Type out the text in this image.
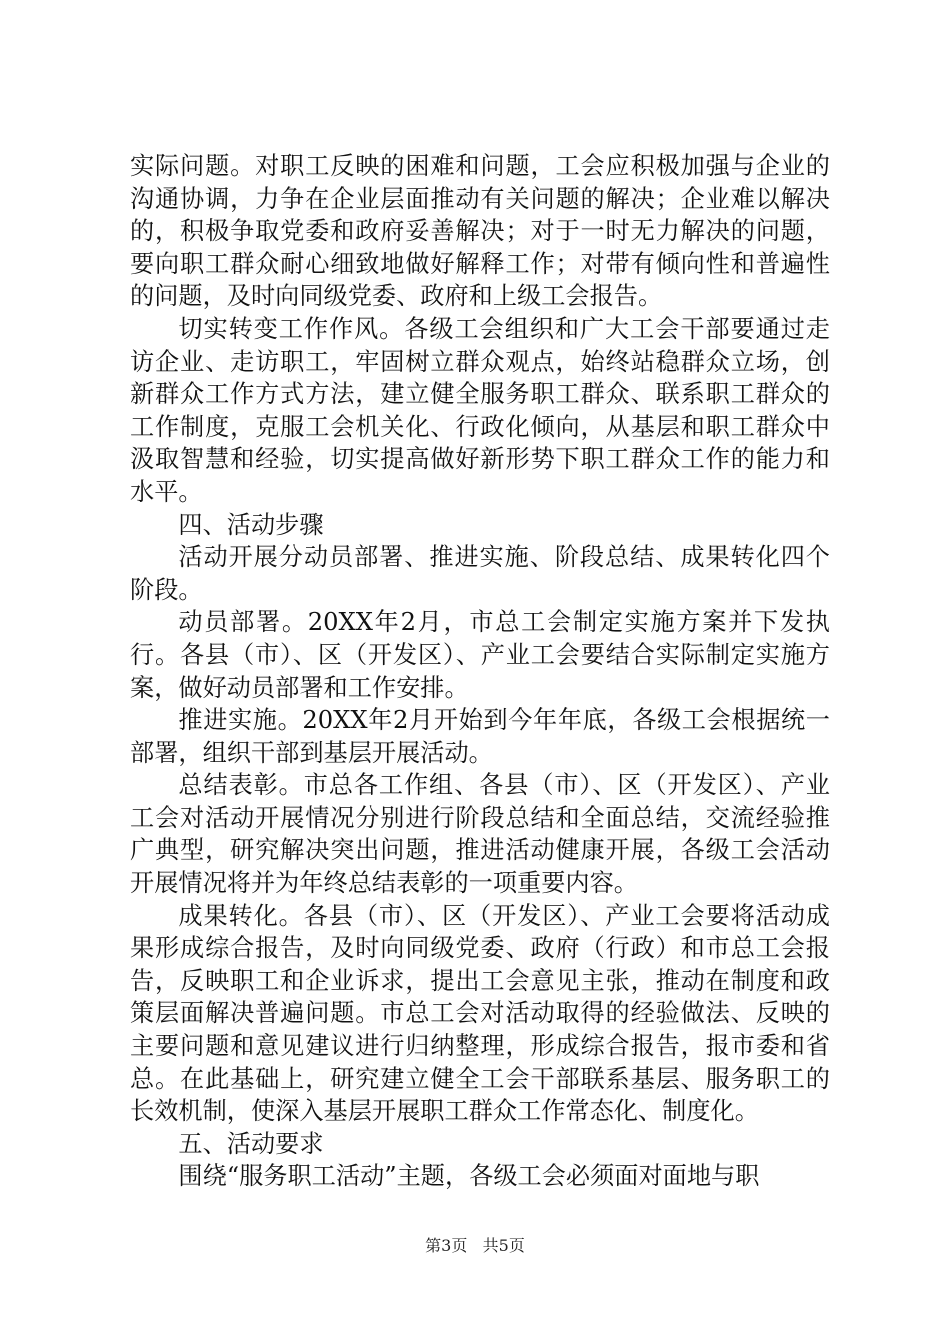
实际问题。对职工反映的困难和问题，工会应积极加强与企业的沟通协调，力争在企业层面推动有关问题的解决；企业难以解决的，积极争取党委和政府妥善解决；对于一时无力解决的问题，要向职工群众耐心细致地做好解释工作；对带有倾向性和普遍性的问题，及时向同级党委、政府和上级工会报告。

切实转变工作作风。各级工会组织和广大工会干部要通过走访企业、走访职工，牢固树立群众观点，始终站稳群众立场，创新群众工作方式方法，建立健全服务职工群众、联系职工群众的工作制度，克服工会机关化、行政化倾向，从基层和职工群众中汲取智慧和经验，切实提高做好新形势下职工群众工作的能力和水平。

四、活动步骤

活动开展分动员部署、推进实施、阶段总结、成果转化四个阶段。

动员部署。20XX年2月，市总工会制定实施方案并下发执行。各县（市）、区（开发区）、产业工会要结合实际制定实施方案，做好动员部署和工作安排。

推进实施。20XX年2月开始到今年年底，各级工会根据统一部署，组织干部到基层开展活动。

总结表彰。市总各工作组、各县（市）、区（开发区）、产业工会对活动开展情况分别进行阶段总结和全面总结，交流经验推广典型，研究解决突出问题，推进活动健康开展，各级工会活动开展情况将并为年终总结表彰的一项重要内容。

成果转化。各县（市）、区（开发区）、产业工会要将活动成果形成综合报告，及时向同级党委、政府（行政）和市总工会报告，反映职工和企业诉求，提出工会意见主张，推动在制度和政策层面解决普遍问题。市总工会对活动取得的经验做法、反映的主要问题和意见建议进行归纳整理，形成综合报告，报市委和省总。在此基础上，研究建立健全工会干部联系基层、服务职工的长效机制，使深入基层开展职工群众工作常态化、制度化。

五、活动要求

围绕“服务职工活动”主题，各级工会必须面对面地与职

第3页 共5页
